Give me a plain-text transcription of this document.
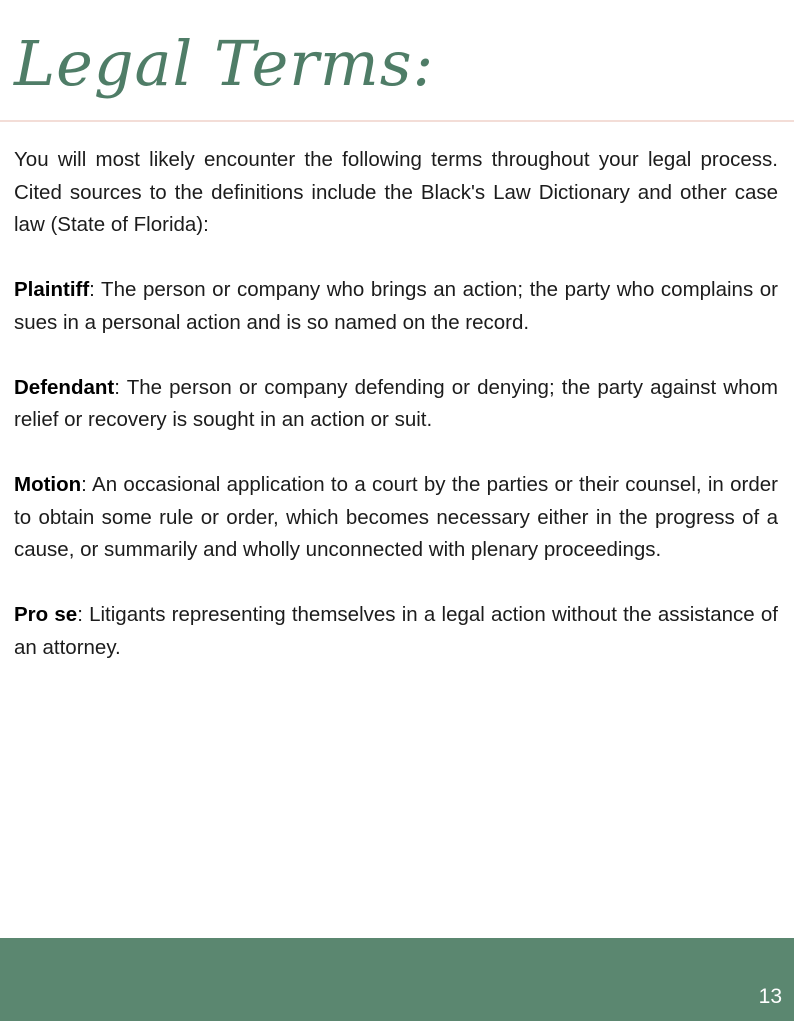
Legal Terms:

You will most likely encounter the following terms throughout your legal process. Cited sources to the definitions include the Black's Law Dictionary and other case law (State of Florida):

Plaintiff: The person or company who brings an action; the party who complains or sues in a personal action and is so named on the record.

Defendant: The person or company defending or denying; the party against whom relief or recovery is sought in an action or suit.

Motion: An occasional application to a court by the parties or their counsel, in order to obtain some rule or order, which becomes necessary either in the progress of a cause, or summarily and wholly unconnected with plenary proceedings.

Pro se: Litigants representing themselves in a legal action without the assistance of an attorney.

13
